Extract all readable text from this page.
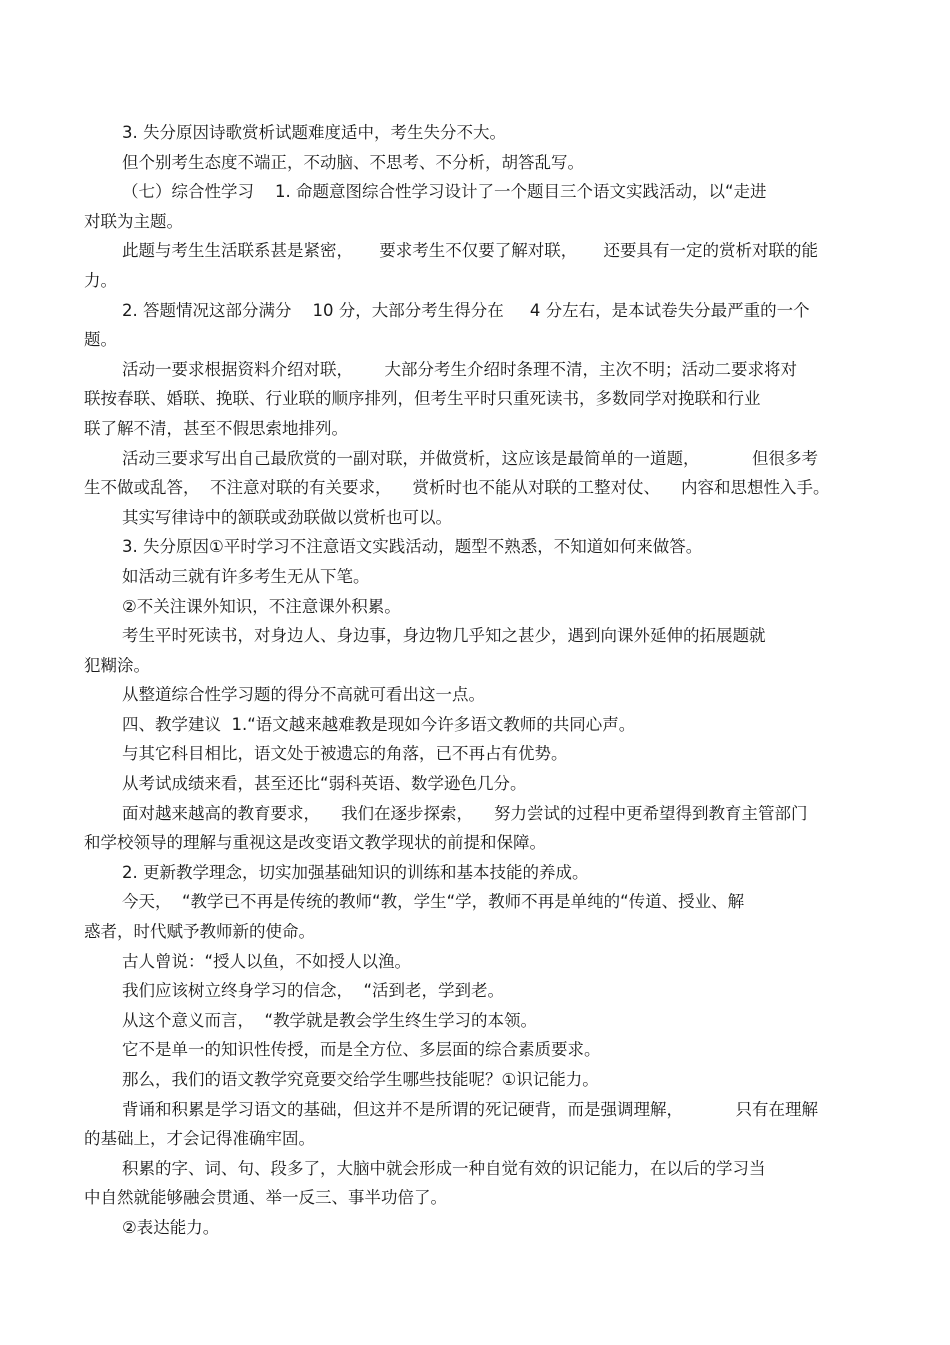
3. 失分原因诗歌赏析试题难度适中，考生失分不大。
但个别考生态度不端正，不动脑、不思考、不分析，胡答乱写。
（七）综合性学习    1. 命题意图综合性学习设计了一个题目三个语文实践活动，以“走进
对联为主题。
此题与考生生活联系甚是紧密，     要求考生不仅要了解对联，     还要具有一定的赏析对联的能
力。
2. 答题情况这部分满分    10 分，大部分考生得分在     4 分左右，是本试卷失分最严重的一个
题。
活动一要求根据资料介绍对联，      大部分考生介绍时条理不清，主次不明；活动二要求将对
联按春联、婚联、挽联、行业联的顺序排列，但考生平时只重死读书，多数同学对挽联和行业
联了解不清，甚至不假思索地排列。
活动三要求写出自己最欣赏的一副对联，并做赏析，这应该是最简单的一道题，          但很多考
生不做或乱答，  不注意对联的有关要求，    赏析时也不能从对联的工整对仗、    内容和思想性入手。
其实写律诗中的颔联或劲联做以赏析也可以。
3. 失分原因①平时学习不注意语文实践活动，题型不熟悉，不知道如何来做答。
如活动三就有许多考生无从下笔。
②不关注课外知识，不注意课外积累。
考生平时死读书，对身边人、身边事，身边物几乎知之甚少，遇到向课外延伸的拓展题就
犯糊涂。
从整道综合性学习题的得分不高就可看出这一点。
四、教学建议  1.“语文越来越难教是现如今许多语文教师的共同心声。
与其它科目相比，语文处于被遗忘的角落，已不再占有优势。
从考试成绩来看，甚至还比“弱科英语、数学逊色几分。
面对越来越高的教育要求，    我们在逐步探索，    努力尝试的过程中更希望得到教育主管部门
和学校领导的理解与重视这是改变语文教学现状的前提和保障。
2. 更新教学理念，切实加强基础知识的训练和基本技能的养成。
今天，  “教学已不再是传统的教师“教，学生“学，教师不再是单纯的“传道、授业、解
惑者，时代赋予教师新的使命。
古人曾说：“授人以鱼，不如授人以渔。
我们应该树立终身学习的信念，  “活到老，学到老。
从这个意义而言，  “教学就是教会学生终生学习的本领。
它不是单一的知识性传授，而是全方位、多层面的综合素质要求。
那么，我们的语文教学究竟要交给学生哪些技能呢？①识记能力。
背诵和积累是学习语文的基础，但这并不是所谓的死记硬背，而是强调理解，          只有在理解
的基础上，才会记得准确牢固。
积累的字、词、句、段多了，大脑中就会形成一种自觉有效的识记能力，在以后的学习当
中自然就能够融会贯通、举一反三、事半功倍了。
②表达能力。
